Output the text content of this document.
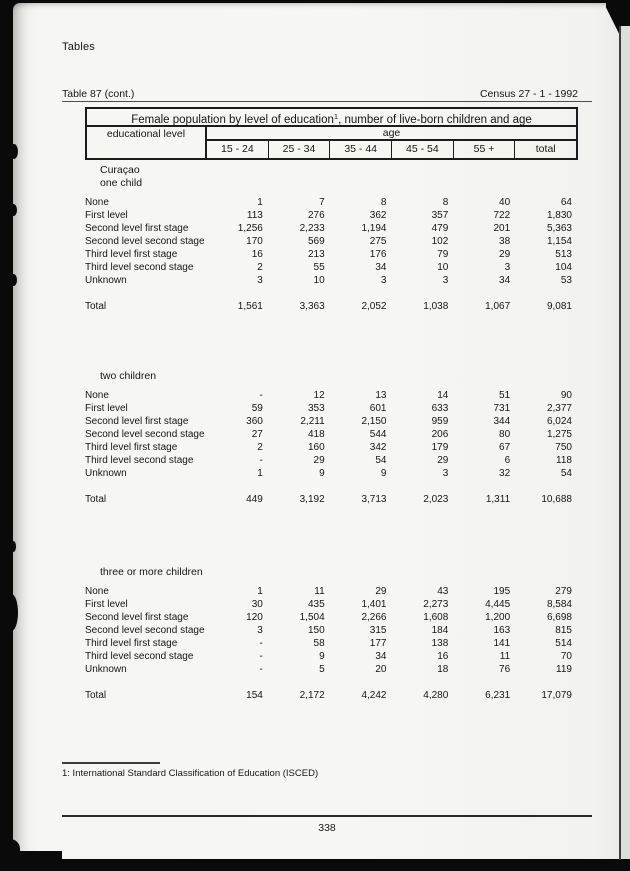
Tables
Table 87 (cont.)	Census 27 - 1 - 1992
Female population by level of education$^1$, number of live-born children and age
educational level	age
15 - 24	25 - 34	35 - 44	45 - 54	55 +	total
Curaçao
one child
None	1	7	8	8	40	64
First level	113	276	362	357	722	1,830
Second level first stage	1,256	2,233	1,194	479	201	5,363
Second level second stage	170	569	275	102	38	1,154
Third level first stage	16	213	176	79	29	513
Third level second stage	2	55	34	10	3	104
Unknown	3	10	3	3	34	53
Total	1,561	3,363	2,052	1,038	1,067	9,081
two children
None	-	12	13	14	51	90
First level	59	353	601	633	731	2,377
Second level first stage	360	2,211	2,150	959	344	6,024
Second level second stage	27	418	544	206	80	1,275
Third level first stage	2	160	342	179	67	750
Third level second stage	-	29	54	29	6	118
Unknown	1	9	9	3	32	54
Total	449	3,192	3,713	2,023	1,311	10,688
three or more children
None	1	11	29	43	195	279
First level	30	435	1,401	2,273	4,445	8,584
Second level first stage	120	1,504	2,266	1,608	1,200	6,698
Second level second stage	3	150	315	184	163	815
Third level first stage	-	58	177	138	141	514
Third level second stage	-	9	34	16	11	70
Unknown	-	5	20	18	76	119
Total	154	2,172	4,242	4,280	6,231	17,079
1: International Standard Classification of Education (ISCED)
338
